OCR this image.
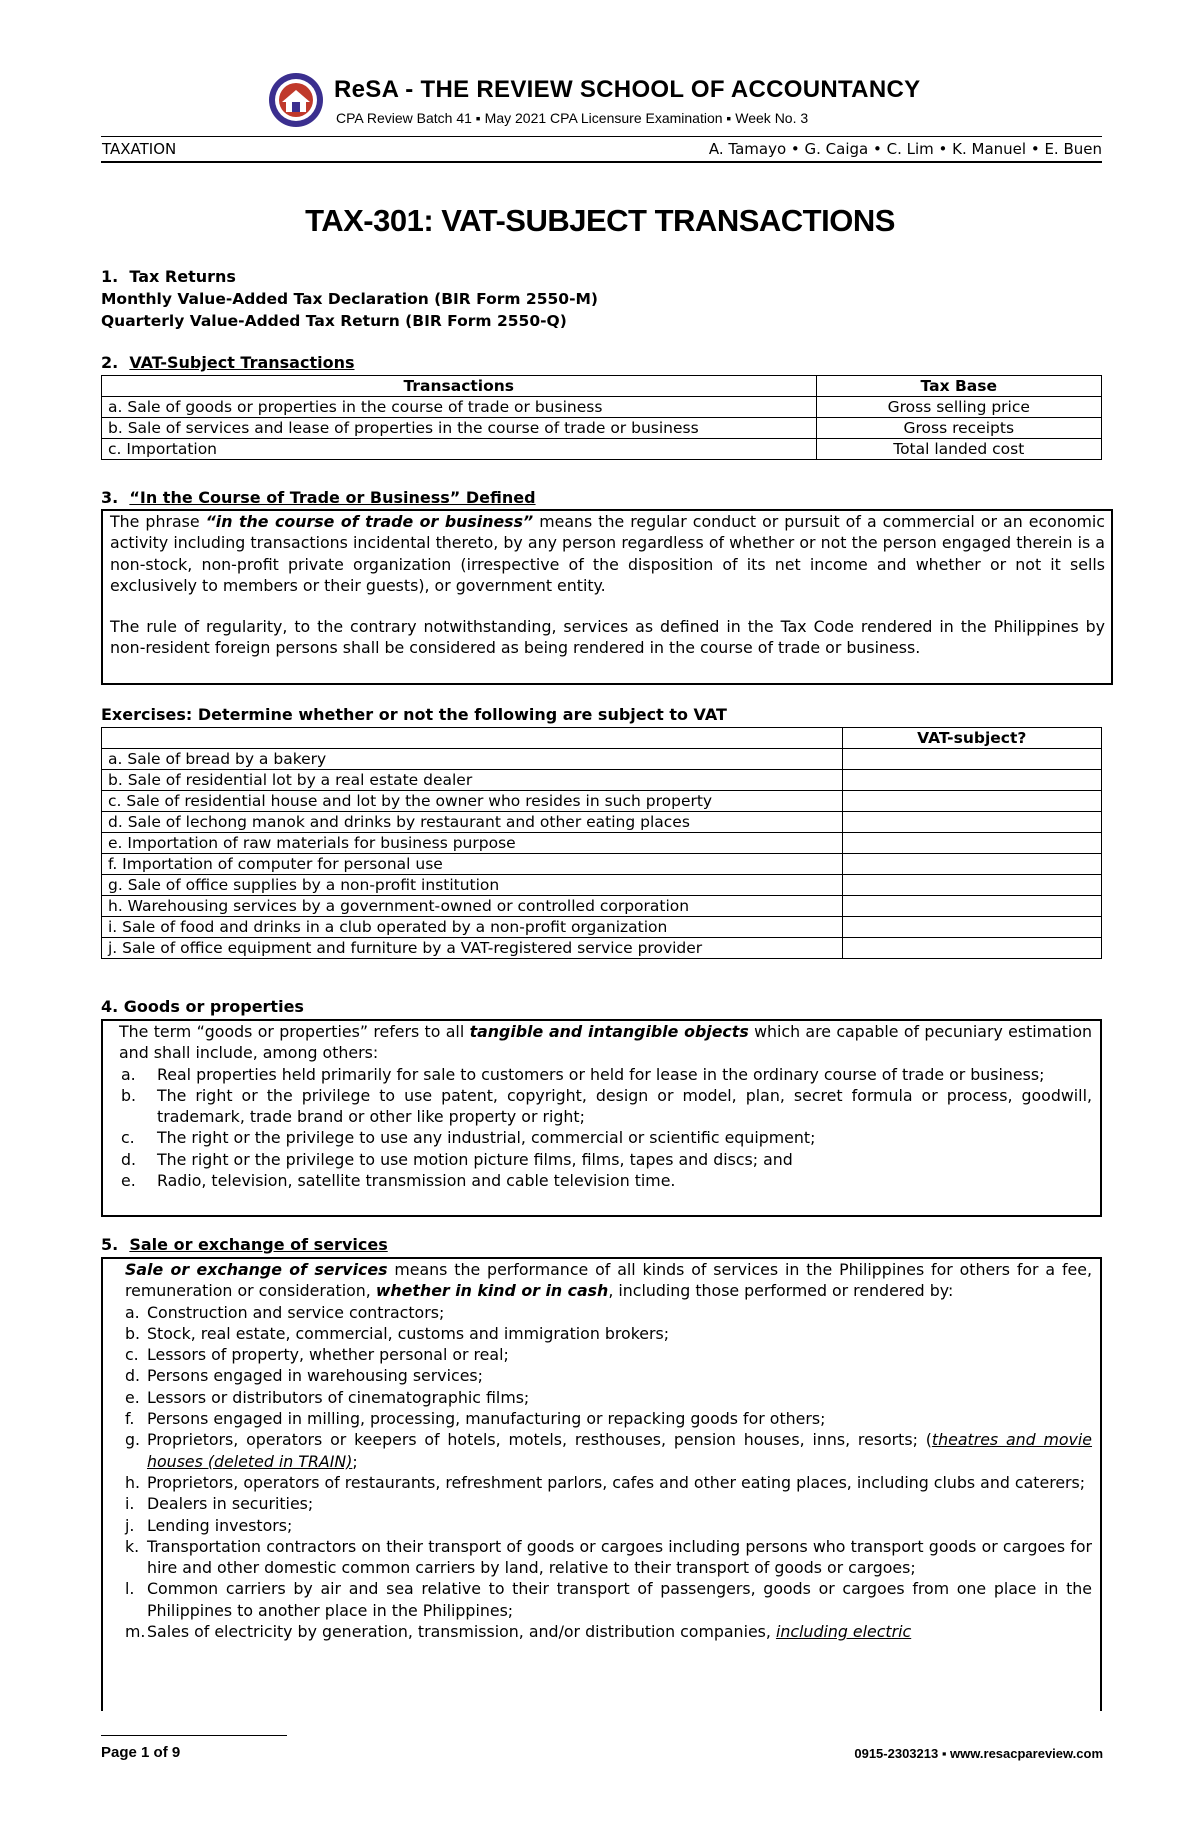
ReSA - THE REVIEW SCHOOL OF ACCOUNTANCY
CPA Review Batch 41 ▪ May 2021 CPA Licensure Examination ▪ Week No. 3
TAXATION	A. Tamayo • G. Caiga • C. Lim • K. Manuel • E. Buen
TAX-301: VAT-SUBJECT TRANSACTIONS
1. Tax Returns
Monthly Value-Added Tax Declaration (BIR Form 2550-M)
Quarterly Value-Added Tax Return (BIR Form 2550-Q)
2. VAT-Subject Transactions
Transactions	Tax Base
a. Sale of goods or properties in the course of trade or business	Gross selling price
b. Sale of services and lease of properties in the course of trade or business	Gross receipts
c. Importation	Total landed cost
3. “In the Course of Trade or Business” Defined

The phrase “in the course of trade or business” means the regular conduct or pursuit of a commercial or an economic activity including transactions incidental thereto, by any person regardless of whether or not the person engaged therein is a non-stock, non-profit private organization (irrespective of the disposition of its net income and whether or not it sells exclusively to members or their guests), or government entity.

The rule of regularity, to the contrary notwithstanding, services as defined in the Tax Code rendered in the Philippines by non-resident foreign persons shall be considered as being rendered in the course of trade or business.

Exercises: Determine whether or not the following are subject to VAT
	VAT-subject?
a. Sale of bread by a bakery	
b. Sale of residential lot by a real estate dealer	
c. Sale of residential house and lot by the owner who resides in such property	
d. Sale of lechong manok and drinks by restaurant and other eating places	
e. Importation of raw materials for business purpose	
f. Importation of computer for personal use	
g. Sale of office supplies by a non-profit institution	
h. Warehousing services by a government-owned or controlled corporation	
i. Sale of food and drinks in a club operated by a non-profit organization	
j. Sale of office equipment and furniture by a VAT-registered service provider	
4. Goods or properties

The term “goods or properties” refers to all tangible and intangible objects which are capable of pecuniary estimation and shall include, among others:

a. Real properties held primarily for sale to customers or held for lease in the ordinary course of trade or business;
b. The right or the privilege to use patent, copyright, design or model, plan, secret formula or process, goodwill, trademark, trade brand or other like property or right;
c. The right or the privilege to use any industrial, commercial or scientific equipment;
d. The right or the privilege to use motion picture films, films, tapes and discs; and
e. Radio, television, satellite transmission and cable television time.
5. Sale or exchange of services

Sale or exchange of services means the performance of all kinds of services in the Philippines for others for a fee, remuneration or consideration, whether in kind or in cash, including those performed or rendered by:

a. Construction and service contractors;
b. Stock, real estate, commercial, customs and immigration brokers;
c. Lessors of property, whether personal or real;
d. Persons engaged in warehousing services;
e. Lessors or distributors of cinematographic films;
f. Persons engaged in milling, processing, manufacturing or repacking goods for others;
g. Proprietors, operators or keepers of hotels, motels, resthouses, pension houses, inns, resorts; (theatres and movie houses (deleted in TRAIN);
h. Proprietors, operators of restaurants, refreshment parlors, cafes and other eating places, including clubs and caterers;
i. Dealers in securities;
j. Lending investors;
k. Transportation contractors on their transport of goods or cargoes including persons who transport goods or cargoes for hire and other domestic common carriers by land, relative to their transport of goods or cargoes;
l. Common carriers by air and sea relative to their transport of passengers, goods or cargoes from one place in the Philippines to another place in the Philippines;
m. Sales of electricity by generation, transmission, and/or distribution companies, including electric
Page 1 of 9	0915-2303213 ▪ www.resacpareview.com
